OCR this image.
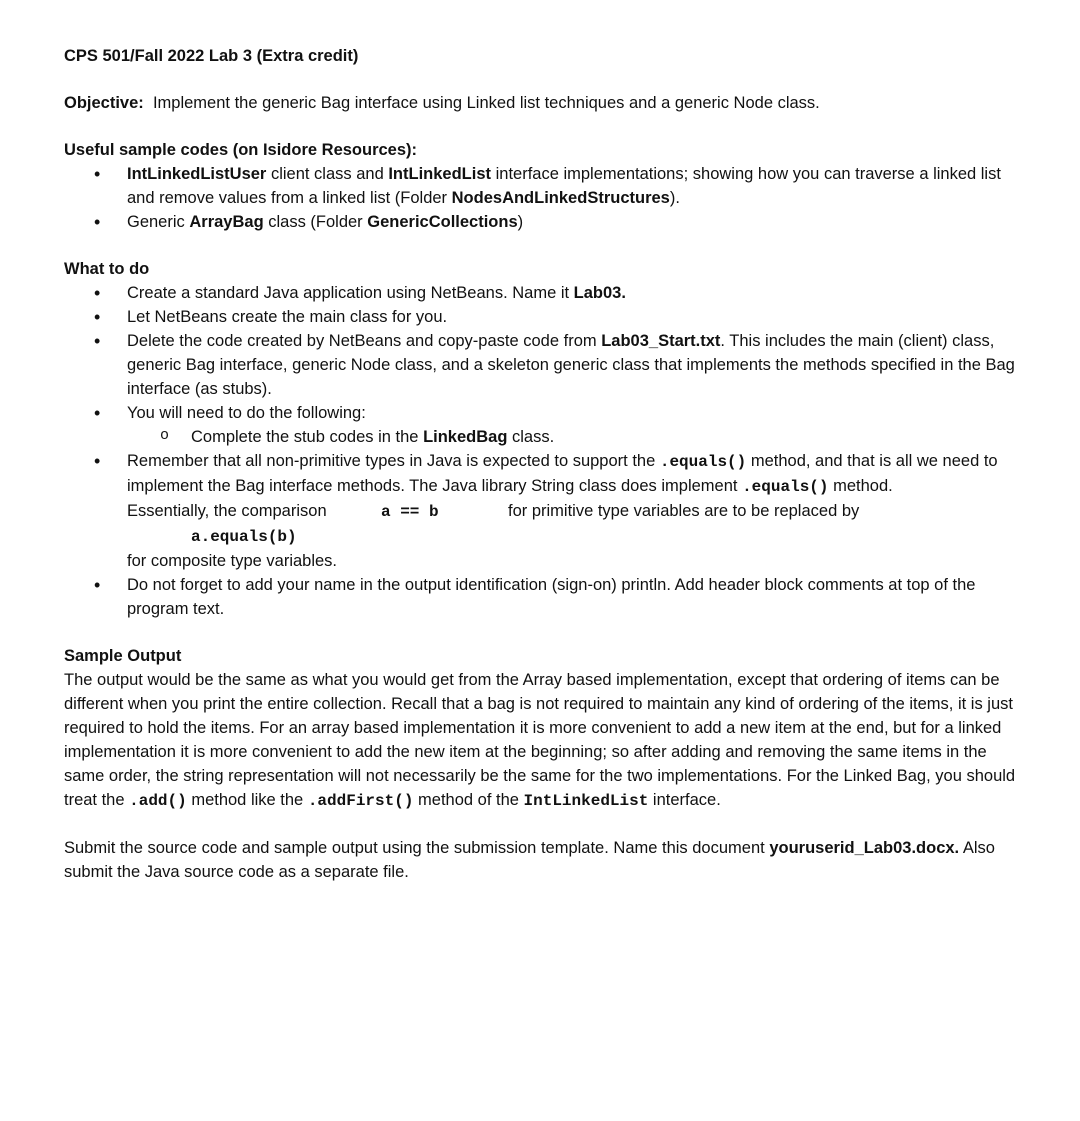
CPS 501/Fall 2022 Lab 3 (Extra credit)

Objective: Implement the generic Bag interface using Linked list techniques and a generic Node class.

Useful sample codes (on Isidore Resources):
• IntLinkedListUser client class and IntLinkedList interface implementations; showing how you can traverse a linked list and remove values from a linked list (Folder NodesAndLinkedStructures).
• Generic ArrayBag class (Folder GenericCollections)
What to do
• Create a standard Java application using NetBeans. Name it Lab03.
• Let NetBeans create the main class for you.
• Delete the code created by NetBeans and copy-paste code from Lab03_Start.txt. This includes the main (client) class, generic Bag interface, generic Node class, and a skeleton generic class that implements the methods specified in the Bag interface (as stubs).
• You will need to do the following:
o Complete the stub codes in the LinkedBag class.
• Remember that all non-primitive types in Java is expected to support the .equals() method, and that is all we need to implement the Bag interface methods. The Java library String class does implement .equals() method.
Essentially, the comparison	a == b	for primitive type variables are to be replaced by
a.equals(b)
for composite type variables.
• Do not forget to add your name in the output identification (sign-on) println. Add header block comments at top of the program text.
Sample Output

The output would be the same as what you would get from the Array based implementation, except that ordering of items can be different when you print the entire collection. Recall that a bag is not required to maintain any kind of ordering of the items, it is just required to hold the items. For an array based implementation it is more convenient to add a new item at the end, but for a linked implementation it is more convenient to add the new item at the beginning; so after adding and removing the same items in the same order, the string representation will not necessarily be the same for the two implementations. For the Linked Bag, you should treat the .add() method like the .addFirst() method of the IntLinkedList interface.

Submit the source code and sample output using the submission template. Name this document youruserid_Lab03.docx. Also submit the Java source code as a separate file.
